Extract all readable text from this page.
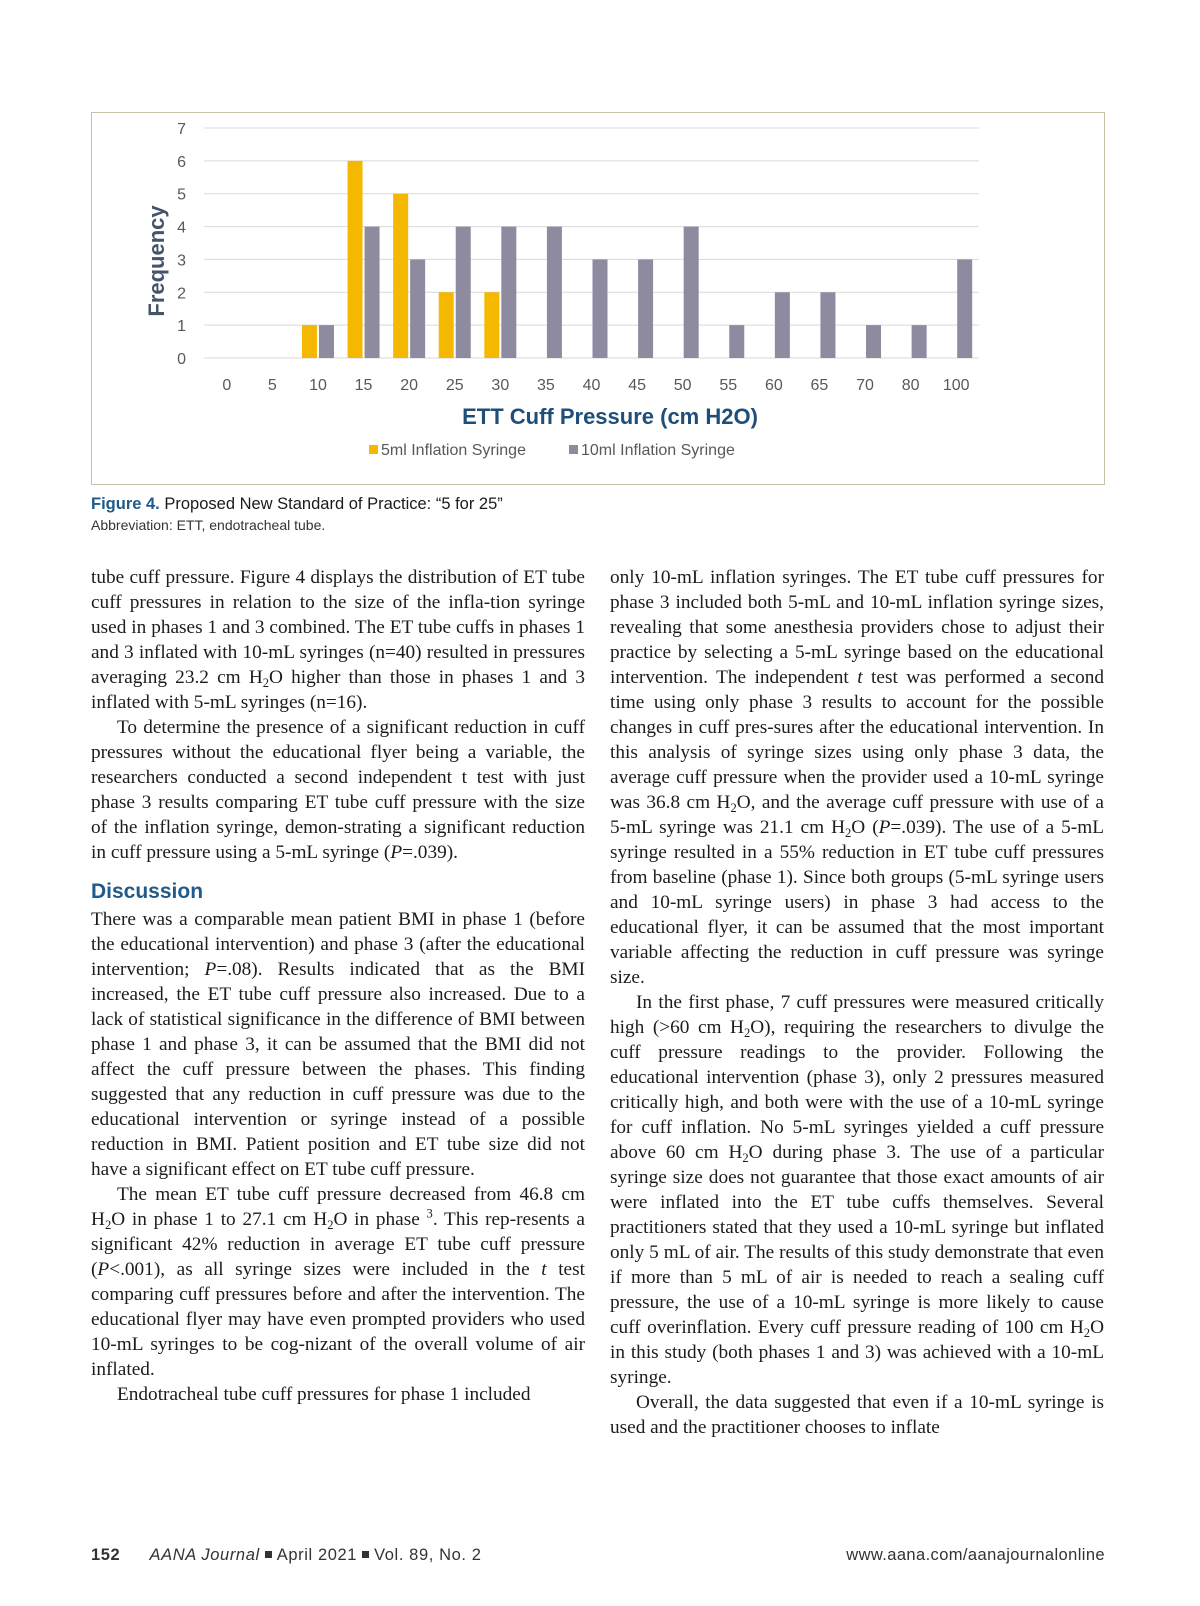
0
1
2
3
4
5
6
7
0 5 10 15 20 25 30 35 40 45 50 55 60 65 70 80 100
Frequency
ETT Cuff Pressure (cm H2O)
5ml Inflation Syringe	10ml Inflation Syringe
Figure 4. Proposed New Standard of Practice: “5 for 25”
Abbreviation: ETT, endotracheal tube.

tube cuff pressure. Figure 4 displays the distribution of ET tube cuff pressures in relation to the size of the infla-tion syringe used in phases 1 and 3 combined. The ET tube cuffs in phases 1 and 3 inflated with 10-mL syringes (n=40) resulted in pressures averaging 23.2 cm $H_2O$ higher than those in phases 1 and 3 inflated with 5-mL syringes (n=16).

To determine the presence of a significant reduction in cuff pressures without the educational flyer being a variable, the researchers conducted a second independent t test with just phase 3 results comparing ET tube cuff pressure with the size of the inflation syringe, demon-strating a significant reduction in cuff pressure using a 5-mL syringe (P=.039).

Discussion

There was a comparable mean patient BMI in phase 1 (before the educational intervention) and phase 3 (after the educational intervention; P=.08). Results indicated that as the BMI increased, the ET tube cuff pressure also increased. Due to a lack of statistical significance in the difference of BMI between phase 1 and phase 3, it can be assumed that the BMI did not affect the cuff pressure between the phases. This finding suggested that any reduction in cuff pressure was due to the educational intervention or syringe instead of a possible reduction in BMI. Patient position and ET tube size did not have a significant effect on ET tube cuff pressure.

The mean ET tube cuff pressure decreased from 46.8 cm $H_2O$ in phase 1 to 27.1 cm $H_2O$ in phase $^3$. This rep-resents a significant 42% reduction in average ET tube cuff pressure (P<.001), as all syringe sizes were included in the t test comparing cuff pressures before and after the intervention. The educational flyer may have even prompted providers who used 10-mL syringes to be cog-nizant of the overall volume of air inflated.

Endotracheal tube cuff pressures for phase 1 included

only 10-mL inflation syringes. The ET tube cuff pressures for phase 3 included both 5-mL and 10-mL inflation syringe sizes, revealing that some anesthesia providers chose to adjust their practice by selecting a 5-mL syringe based on the educational intervention. The independent t test was performed a second time using only phase 3 results to account for the possible changes in cuff pres-sures after the educational intervention. In this analysis of syringe sizes using only phase 3 data, the average cuff pressure when the provider used a 10-mL syringe was 36.8 cm $H_2O$, and the average cuff pressure with use of a 5-mL syringe was 21.1 cm $H_2O$ (P=.039). The use of a 5-mL syringe resulted in a 55% reduction in ET tube cuff pressures from baseline (phase 1). Since both groups (5-mL syringe users and 10-mL syringe users) in phase 3 had access to the educational flyer, it can be assumed that the most important variable affecting the reduction in cuff pressure was syringe size.

In the first phase, 7 cuff pressures were measured critically high (>60 cm $H_2O$), requiring the researchers to divulge the cuff pressure readings to the provider. Following the educational intervention (phase 3), only 2 pressures measured critically high, and both were with the use of a 10-mL syringe for cuff inflation. No 5-mL syringes yielded a cuff pressure above 60 cm $H_2O$ during phase 3. The use of a particular syringe size does not guarantee that those exact amounts of air were inflated into the ET tube cuffs themselves. Several practitioners stated that they used a 10-mL syringe but inflated only 5 mL of air. The results of this study demonstrate that even if more than 5 mL of air is needed to reach a sealing cuff pressure, the use of a 10-mL syringe is more likely to cause cuff overinflation. Every cuff pressure reading of 100 cm $H_2O$ in this study (both phases 1 and 3) was achieved with a 10-mL syringe.

Overall, the data suggested that even if a 10-mL syringe is used and the practitioner chooses to inflate

152 AANA Journal April 2021 Vol. 89, No. 2	www.aana.com/aanajournalonline
